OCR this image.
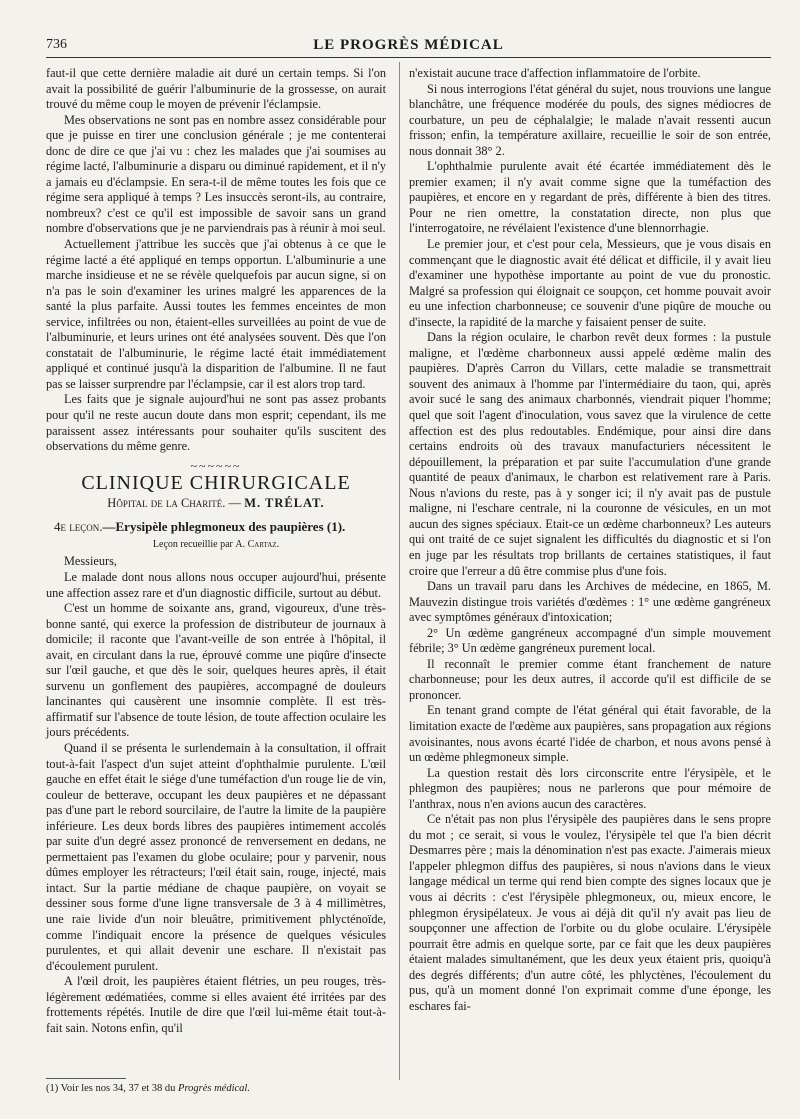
736	LE PROGRÈS MÉDICAL

faut-il que cette dernière maladie ait duré un certain temps. Si l'on avait la possibilité de guérir l'albuminurie de la grossesse, on aurait trouvé du même coup le moyen de prévenir l'éclampsie.

Mes observations ne sont pas en nombre assez considérable pour que je puisse en tirer une conclusion générale ; je me contenterai donc de dire ce que j'ai vu : chez les malades que j'ai soumises au régime lacté, l'albuminurie a disparu ou diminué rapidement, et il n'y a jamais eu d'éclampsie. En sera-t-il de même toutes les fois que ce régime sera appliqué à temps ? Les insuccès seront-ils, au contraire, nombreux? c'est ce qu'il est impossible de savoir sans un grand nombre d'observations que je ne parviendrais pas à réunir à moi seul.

Actuellement j'attribue les succès que j'ai obtenus à ce que le régime lacté a été appliqué en temps opportun. L'albuminurie a une marche insidieuse et ne se révèle quelquefois par aucun signe, si on n'a pas le soin d'examiner les urines malgré les apparences de la santé la plus parfaite. Aussi toutes les femmes enceintes de mon service, infiltrées ou non, étaient-elles surveillées au point de vue de l'albuminurie, et leurs urines ont été analysées souvent. Dès que l'on constatait de l'albuminurie, le régime lacté était immédiatement appliqué et continué jusqu'à la disparition de l'albumine. Il ne faut pas se laisser surprendre par l'éclampsie, car il est alors trop tard.

Les faits que je signale aujourd'hui ne sont pas assez probants pour qu'il ne reste aucun doute dans mon esprit; cependant, ils me paraissent assez intéressants pour souhaiter qu'ils suscitent des observations du même genre.

~~~~~~
CLINIQUE CHIRURGICALE
Hôpital de la Charité. — M. TRÉLAT.
4e leçon.—Erysipèle phlegmoneux des paupières (1).
Leçon recueillie par A. Cartaz.

Messieurs,

Le malade dont nous allons nous occuper aujourd'hui, présente une affection assez rare et d'un diagnostic difficile, surtout au début.

C'est un homme de soixante ans, grand, vigoureux, d'une très-bonne santé, qui exerce la profession de distributeur de journaux à domicile; il raconte que l'avant-veille de son entrée à l'hôpital, il avait, en circulant dans la rue, éprouvé comme une piqûre d'insecte sur l'œil gauche, et que dès le soir, quelques heures après, il était survenu un gonflement des paupières, accompagné de douleurs lancinantes qui causèrent une insomnie complète. Il est très-affirmatif sur l'absence de toute lésion, de toute affection oculaire les jours précédents.

Quand il se présenta le surlendemain à la consultation, il offrait tout-à-fait l'aspect d'un sujet atteint d'ophthalmie purulente. L'œil gauche en effet était le siége d'une tuméfaction d'un rouge lie de vin, couleur de betterave, occupant les deux paupières et ne dépassant pas d'une part le rebord sourcilaire, de l'autre la limite de la paupière inférieure. Les deux bords libres des paupières intimement accolés par suite d'un degré assez prononcé de renversement en dedans, ne permettaient pas l'examen du globe oculaire; pour y parvenir, nous dûmes employer les rétracteurs; l'œil était sain, rouge, injecté, mais intact. Sur la partie médiane de chaque paupière, on voyait se dessiner sous forme d'une ligne transversale de 3 à 4 millimètres, une raie livide d'un noir bleuâtre, primitivement phlycténoïde, comme l'indiquait encore la présence de quelques vésicules purulentes, et qui allait devenir une eschare. Il n'existait pas d'écoulement purulent.

A l'œil droit, les paupières étaient flétries, un peu rouges, très-légèrement œdématiées, comme si elles avaient été irritées par des frottements répétés. Inutile de dire que l'œil lui-même était tout-à-fait sain. Notons enfin, qu'il

n'existait aucune trace d'affection inflammatoire de l'orbite.

Si nous interrogions l'état général du sujet, nous trouvions une langue blanchâtre, une fréquence modérée du pouls, des signes médiocres de courbature, un peu de céphalalgie; le malade n'avait ressenti aucun frisson; enfin, la température axillaire, recueillie le soir de son entrée, nous donnait 38° 2.

L'ophthalmie purulente avait été écartée immédiatement dès le premier examen; il n'y avait comme signe que la tuméfaction des paupières, et encore en y regardant de près, différente à bien des titres. Pour ne rien omettre, la constatation directe, non plus que l'interrogatoire, ne révélaient l'existence d'une blennorrhagie.

Le premier jour, et c'est pour cela, Messieurs, que je vous disais en commençant que le diagnostic avait été délicat et difficile, il y avait lieu d'examiner une hypothèse importante au point de vue du pronostic. Malgré sa profession qui éloignait ce soupçon, cet homme pouvait avoir eu une infection charbonneuse; ce souvenir d'une piqûre de mouche ou d'insecte, la rapidité de la marche y faisaient penser de suite.

Dans la région oculaire, le charbon revêt deux formes : la pustule maligne, et l'œdème charbonneux aussi appelé œdème malin des paupières. D'après Carron du Villars, cette maladie se transmettrait souvent des animaux à l'homme par l'intermédiaire du taon, qui, après avoir sucé le sang des animaux charbonnés, viendrait piquer l'homme; quel que soit l'agent d'inoculation, vous savez que la virulence de cette affection est des plus redoutables. Endémique, pour ainsi dire dans certains endroits où des travaux manufacturiers nécessitent le dépouillement, la préparation et par suite l'accumulation d'une grande quantité de peaux d'animaux, le charbon est relativement rare à Paris. Nous n'avions du reste, pas à y songer ici; il n'y avait pas de pustule maligne, ni l'eschare centrale, ni la couronne de vésicules, en un mot aucun des signes spéciaux. Etait-ce un œdème charbonneux? Les auteurs qui ont traité de ce sujet signalent les difficultés du diagnostic et si l'on en juge par les résultats trop brillants de certaines statistiques, il faut croire que l'erreur a dû être commise plus d'une fois.

Dans un travail paru dans les Archives de médecine, en 1865, M. Mauvezin distingue trois variétés d'œdèmes : 1° une œdème gangréneux avec symptômes généraux d'intoxication;

2° Un œdème gangréneux accompagné d'un simple mouvement fébrile; 3° Un œdème gangréneux purement local.

Il reconnaît le premier comme étant franchement de nature charbonneuse; pour les deux autres, il accorde qu'il est difficile de se prononcer.

En tenant grand compte de l'état général qui était favorable, de la limitation exacte de l'œdème aux paupières, sans propagation aux régions avoisinantes, nous avons écarté l'idée de charbon, et nous avons pensé à un œdème phlegmoneux simple.

La question restait dès lors circonscrite entre l'érysipèle, et le phlegmon des paupières; nous ne parlerons que pour mémoire de l'anthrax, nous n'en avions aucun des caractères.

Ce n'était pas non plus l'érysipèle des paupières dans le sens propre du mot ; ce serait, si vous le voulez, l'érysipèle tel que l'a bien décrit Desmarres père ; mais la dénomination n'est pas exacte. J'aimerais mieux l'appeler phlegmon diffus des paupières, si nous n'avions dans le vieux langage médical un terme qui rend bien compte des signes locaux que je vous ai décrits : c'est l'érysipèle phlegmoneux, ou, mieux encore, le phlegmon érysipélateux. Je vous ai déjà dit qu'il n'y avait pas lieu de soupçonner une affection de l'orbite ou du globe oculaire. L'érysipèle pourrait être admis en quelque sorte, par ce fait que les deux paupières étaient malades simultanément, que les deux yeux étaient pris, quoiqu'à des degrés différents; d'un autre côté, les phlyctènes, l'écoulement du pus, qu'à un moment donné l'on exprimait comme d'une éponge, les eschares fai-

(1) Voir les nos 34, 37 et 38 du Progrès médical.
